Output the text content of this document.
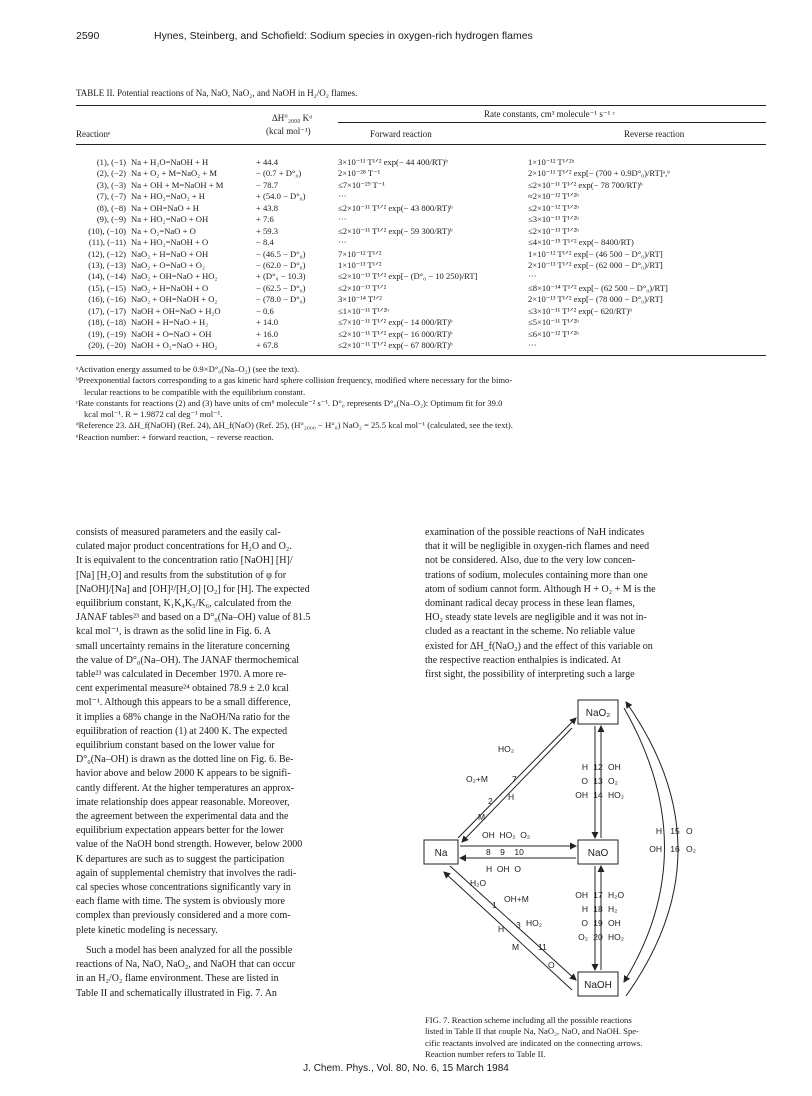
2590	Hynes, Steinberg, and Schofield: Sodium species in oxygen-rich hydrogen flames
TABLE II. Potential reactions of Na, NaO, NaO₂, and NaOH in H₂/O₂ flames.
ΔH°₂₀₀₀ Kᵈ
(kcal mol⁻¹)
Rate constants, cm³ molecule⁻¹ s⁻¹ ᶜ
Reactionᵉ	Forward reaction	Reverse reaction
(1), (−1) Na + H₂O=NaOH + H	+ 44.4	3×10⁻¹¹ T¹ᐟ² exp(− 44 400/RT)ᵇ	1×10⁻¹² T¹ᐟ²ᵇ
(2), (−2) Na + O₂ + M=NaO₂ + M	− (0.7 + D°₀)	2×10⁻²⁸ T⁻¹	2×10⁻¹¹ T¹ᐟ² exp[− (700 + 0.9D°₀)/RT]ᵃ,ᵇ
(3), (−3) Na + OH + M=NaOH + M	− 78.7	≤7×10⁻²⁹ T⁻¹	≤2×10⁻¹¹ T¹ᐟ² exp(− 78 700/RT)ᵇ
(7), (−7) Na + HO₂=NaO₂ + H	+ (54.0 − D°₀)	···	≈2×10⁻¹² T¹ᐟ²ᵇ
(8), (−8) Na + OH=NaO + H	+ 43.8	≤2×10⁻¹¹ T¹ᐟ² exp(− 43 800/RT)ᵇ	≤2×10⁻¹² T¹ᐟ²ᵇ
(9), (−9) Na + HO₂=NaO + OH	+ 7.6	···	≤3×10⁻¹³ T¹ᐟ²ᵇ
(10), (−10) Na + O₂=NaO + O	+ 59.3	≤2×10⁻¹¹ T¹ᐟ² exp(− 59 300/RT)ᵇ	≤2×10⁻¹³ T¹ᐟ²ᵇ
(11), (−11) Na + HO₂=NaOH + O	− 8.4	···	≤4×10⁻¹⁵ T¹ᐟ² exp(− 8400/RT)
(12), (−12) NaO₂ + H=NaO + OH	− (46.5 − D°₀)	7×10⁻¹² T¹ᐟ²	1×10⁻¹² T¹ᐟ² exp[− (46 500 − D°₀)/RT]
(13), (−13) NaO₂ + O=NaO + O₂	− (62.0 − D°₀)	1×10⁻¹³ T¹ᐟ²	2×10⁻¹³ T¹ᐟ² exp[− (62 000 − D°₀)/RT]
(14), (−14) NaO₂ + OH=NaO + HO₂	+ (D°₀ − 10.3)	≤2×10⁻¹³ T¹ᐟ² exp[− (D°₀ − 10 250)/RT]	···
(15), (−15) NaO₂ + H=NaOH + O	− (62.5 − D°₀)	≤2×10⁻¹³ T¹ᐟ²	≤8×10⁻¹⁴ T¹ᐟ² exp[− (62 500 − D°₀)/RT]
(16), (−16) NaO₂ + OH=NaOH + O₂	− (78.0 − D°₀)	3×10⁻¹⁴ T¹ᐟ²	2×10⁻¹³ T¹ᐟ² exp[− (78 000 − D°₀)/RT]
(17), (−17) NaOH + OH=NaO + H₂O	− 0.6	≤1×10⁻¹¹ T¹ᐟ²ᵇ	≤3×10⁻¹¹ T¹ᐟ² exp(− 620/RT)ᵇ
(18), (−18) NaOH + H=NaO + H₂	+ 14.0	≤7×10⁻¹¹ T¹ᐟ² exp(− 14 000/RT)ᵇ	≤5×10⁻¹¹ T¹ᐟ²ᵇ
(19), (−19) NaOH + O=NaO + OH	+ 16.0	≤2×10⁻¹¹ T¹ᐟ² exp(− 16 000/RT)ᵇ	≤6×10⁻¹² T¹ᐟ²ᵇ
(20), (−20) NaOH + O₂=NaO + HO₂	+ 67.8	≤2×10⁻¹¹ T¹ᐟ² exp(− 67 800/RT)ᵇ	···
ᵃActivation energy assumed to be 0.9×D°₀(Na–O₂) (see the text).
ᵇPreexponential factors corresponding to a gas kinetic hard sphere collision frequency, modified where necessary for the bimo-
lecular reactions to be compatible with the equilibrium constant.
ᶜRate constants for reactions (2) and (3) have units of cm⁶ molecule⁻² s⁻¹. D°₀ represents D°₀(Na–O₂): Optimum fit for 39.0
kcal mol⁻¹. R = 1.9872 cal deg⁻¹ mol⁻¹.
ᵈReference 23. ΔH_f(NaOH) (Ref. 24), ΔH_f(NaO) (Ref. 25), (H°₂₀₀₀ − H°₀) NaO₂ = 25.5 kcal mol⁻¹ (calculated, see the text).
ᵉReaction number: + forward reaction, − reverse reaction.
consists of measured parameters and the easily cal-
culated major product concentrations for H₂O and O₂.
It is equivalent to the concentration ratio [NaOH] [H]/
[Na] [H₂O] and results from the substitution of φ for
[NaOH]/[Na] and [OH]²/[H₂O] [O₂] for [H]. The expected
equilibrium constant, K₁K₄K₅/K₆, calculated from the
JANAF tables²³ and based on a D°₀(Na–OH) value of 81.5
kcal mol⁻¹, is drawn as the solid line in Fig. 6. A
small uncertainty remains in the literature concerning
the value of D°₀(Na–OH). The JANAF thermochemical
table²³ was calculated in December 1970. A more re-
cent experimental measure²⁴ obtained 78.9 ± 2.0 kcal
mol⁻¹. Although this appears to be a small difference,
it implies a 68% change in the NaOH/Na ratio for the
equilibration of reaction (1) at 2400 K. The expected
equilibrium constant based on the lower value for
D°₀(Na–OH) is drawn as the dotted line on Fig. 6. Be-
havior above and below 2000 K appears to be signifi-
cantly different. At the higher temperatures an approx-
imate relationship does appear reasonable. Moreover,
the agreement between the experimental data and the
equilibrium expectation appears better for the lower
value of the NaOH bond strength. However, below 2000
K departures are such as to suggest the participation
again of supplemental chemistry that involves the radi-
cal species whose concentrations significantly vary in
each flame with time. The system is obviously more
complex than previously considered and a more com-
plete kinetic modeling is necessary.
Such a model has been analyzed for all the possible
reactions of Na, NaO, NaO₂, and NaOH that can occur
in an H₂/O₂ flame environment. These are listed in
Table II and schematically illustrated in Fig. 7. An
examination of the possible reactions of NaH indicates
that it will be negligible in oxygen-rich flames and need
not be considered. Also, due to the very low concen-
trations of sodium, molecules containing more than one
atom of sodium cannot form. Although H + O₂ + M is the
dominant radical decay process in these lean flames,
HO₂ steady state levels are negligible and it was not in-
cluded as a reactant in the scheme. No reliable value
existed for ΔH_f(NaO₂) and the effect of this variable on
the respective reaction enthalpies is indicated. At
first sight, the possibility of interpreting such a large
NaO₂
Na	NaO
NaOH
HO₂
O₂+M	7
2 H
M
OH  HO₂  O₂
8    9    10
H  OH  O
H₂O
OH+M
1
3 HO₂
H
M 11
O
H 12 OH
O 13 O₂
OH 14 HO₂
OH 17 H₂O
H 18 H₂
O 19 OH
O₂ 20 HO₂
H 15 O
OH 16 O₂
FIG. 7. Reaction scheme including all the possible reactions
listed in Table II that couple Na, NaO₂, NaO, and NaOH. Spe-
cific reactants involved are indicated on the connecting arrows.
Reaction number refers to Table II.
J. Chem. Phys., Vol. 80, No. 6, 15 March 1984
